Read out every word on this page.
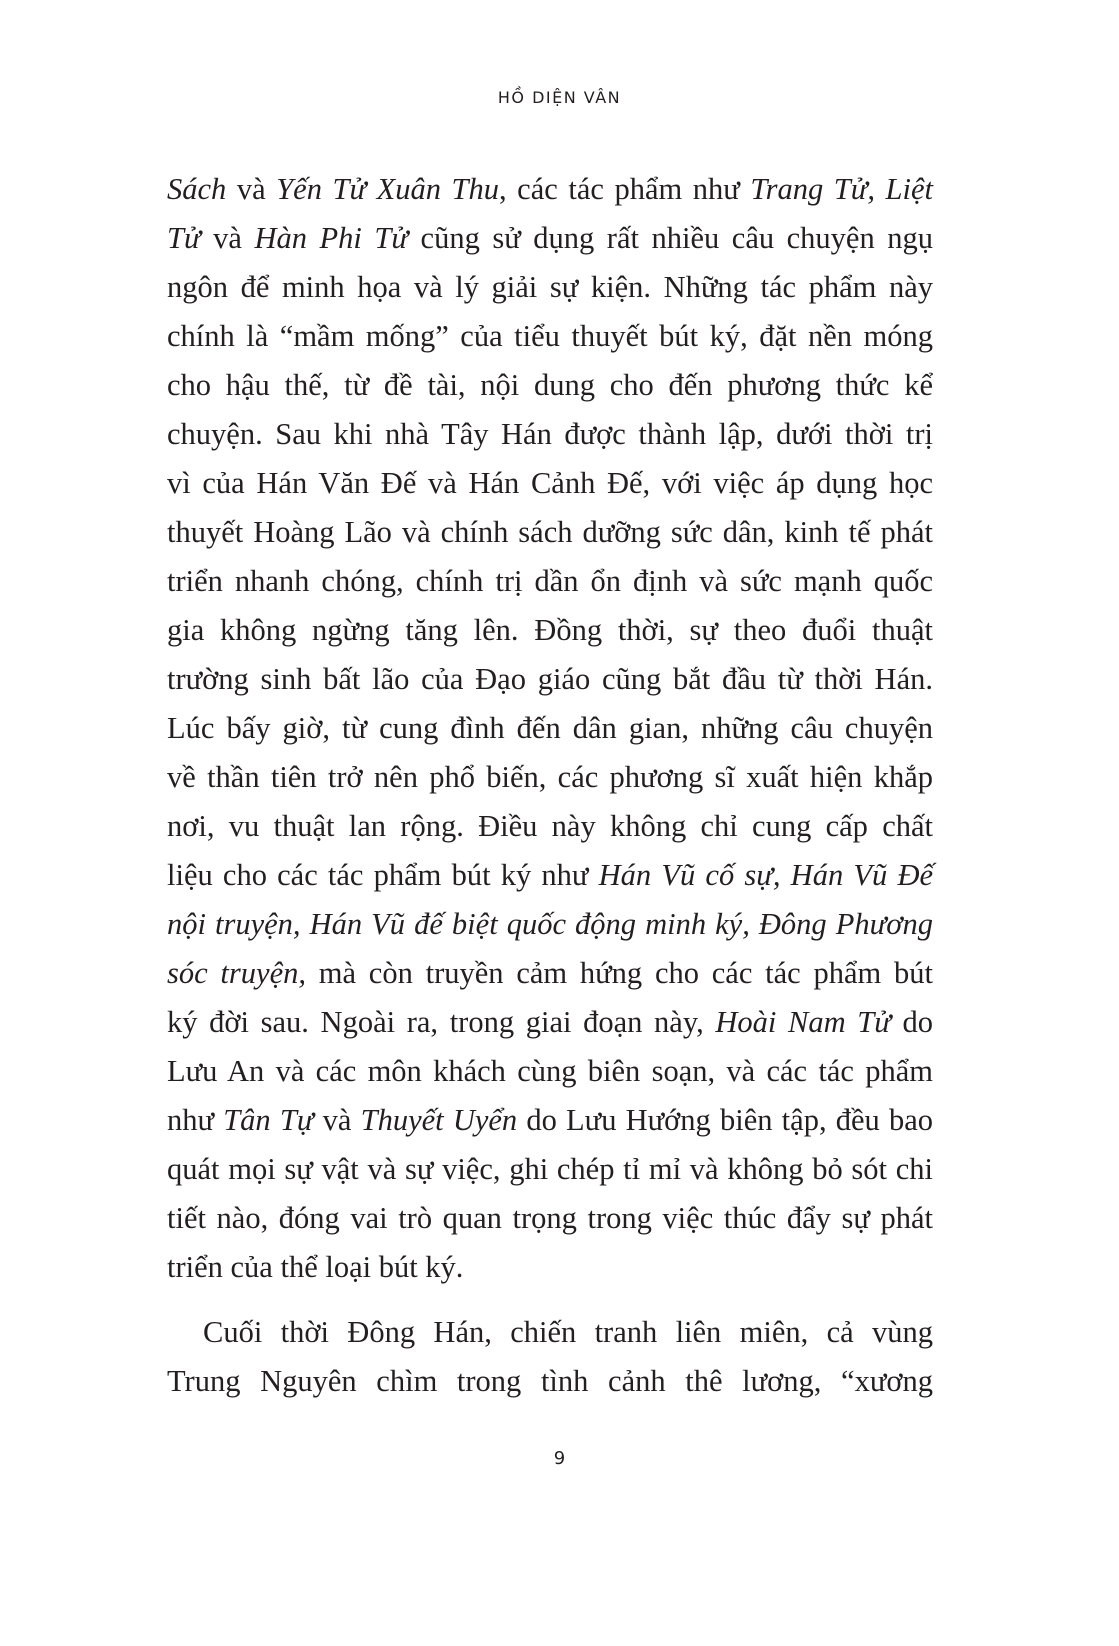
HỒ DIỆN VÂN
Sách và Yến Tử Xuân Thu, các tác phẩm như Trang Tử, Liệt
Tử và Hàn Phi Tử cũng sử dụng rất nhiều câu chuyện ngụ
ngôn để minh họa và lý giải sự kiện. Những tác phẩm này
chính là “mầm mống” của tiểu thuyết bút ký, đặt nền móng
cho hậu thế, từ đề tài, nội dung cho đến phương thức kể
chuyện. Sau khi nhà Tây Hán được thành lập, dưới thời trị
vì của Hán Văn Đế và Hán Cảnh Đế, với việc áp dụng học
thuyết Hoàng Lão và chính sách dưỡng sức dân, kinh tế phát
triển nhanh chóng, chính trị dần ổn định và sức mạnh quốc
gia không ngừng tăng lên. Đồng thời, sự theo đuổi thuật
trường sinh bất lão của Đạo giáo cũng bắt đầu từ thời Hán.
Lúc bấy giờ, từ cung đình đến dân gian, những câu chuyện
về thần tiên trở nên phổ biến, các phương sĩ xuất hiện khắp
nơi, vu thuật lan rộng. Điều này không chỉ cung cấp chất
liệu cho các tác phẩm bút ký như Hán Vũ cố sự, Hán Vũ Đế
nội truyện, Hán Vũ đế biệt quốc động minh ký, Đông Phương
sóc truyện, mà còn truyền cảm hứng cho các tác phẩm bút
ký đời sau. Ngoài ra, trong giai đoạn này, Hoài Nam Tử do
Lưu An và các môn khách cùng biên soạn, và các tác phẩm
như Tân Tự và Thuyết Uyển do Lưu Hướng biên tập, đều bao
quát mọi sự vật và sự việc, ghi chép tỉ mỉ và không bỏ sót chi
tiết nào, đóng vai trò quan trọng trong việc thúc đẩy sự phát
triển của thể loại bút ký.
Cuối thời Đông Hán, chiến tranh liên miên, cả vùng
Trung Nguyên chìm trong tình cảnh thê lương, “xương
9
